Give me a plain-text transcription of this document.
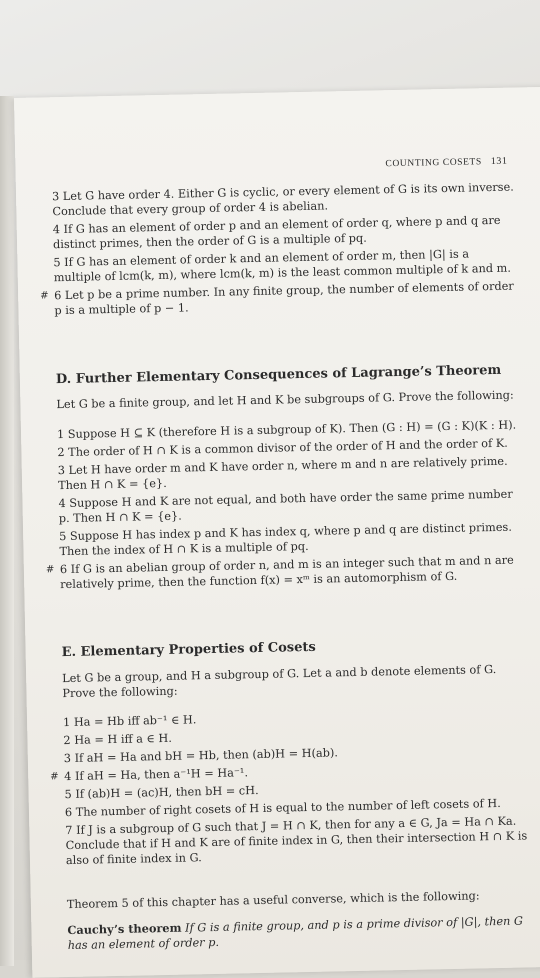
COUNTING COSETS 131
3 Let G have order 4. Either G is cyclic, or every element of G is its own inverse. Conclude that every group of order 4 is abelian.
4 If G has an element of order p and an element of order q, where p and q are distinct primes, then the order of G is a multiple of pq.
5 If G has an element of order k and an element of order m, then |G| is a multiple of lcm(k, m), where lcm(k, m) is the least common multiple of k and m.
# 6 Let p be a prime number. In any finite group, the number of elements of order p is a multiple of p − 1.
D. Further Elementary Consequences of Lagrange’s Theorem
Let G be a finite group, and let H and K be subgroups of G. Prove the following:
1 Suppose H ⊆ K (therefore H is a subgroup of K). Then (G : H) = (G : K)(K : H).
2 The order of H ∩ K is a common divisor of the order of H and the order of K.
3 Let H have order m and K have order n, where m and n are relatively prime. Then H ∩ K = {e}.
4 Suppose H and K are not equal, and both have order the same prime number p. Then H ∩ K = {e}.
5 Suppose H has index p and K has index q, where p and q are distinct primes. Then the index of H ∩ K is a multiple of pq.
# 6 If G is an abelian group of order n, and m is an integer such that m and n are relatively prime, then the function f(x) = xᵐ is an automorphism of G.
E. Elementary Properties of Cosets
Let G be a group, and H a subgroup of G. Let a and b denote elements of G. Prove the following:
1 Ha = Hb iff ab⁻¹ ∈ H.
2 Ha = H iff a ∈ H.
3 If aH = Ha and bH = Hb, then (ab)H = H(ab).
# 4 If aH = Ha, then a⁻¹H = Ha⁻¹.
5 If (ab)H = (ac)H, then bH = cH.
6 The number of right cosets of H is equal to the number of left cosets of H.
7 If J is a subgroup of G such that J = H ∩ K, then for any a ∈ G, Ja = Ha ∩ Ka. Conclude that if H and K are of finite index in G, then their intersection H ∩ K is also of finite index in G.
Theorem 5 of this chapter has a useful converse, which is the following:
Cauchy’s theorem If G is a finite group, and p is a prime divisor of |G|, then G has an element of order p.
